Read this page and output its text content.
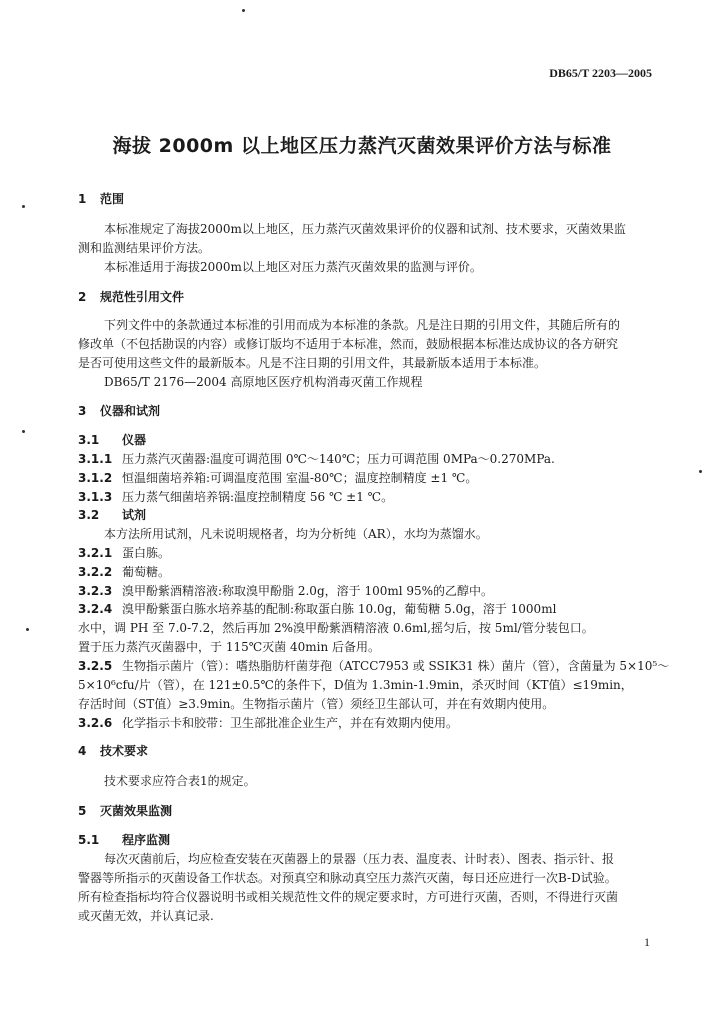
DB65/T 2203—2005
海拔 2000m 以上地区压力蒸汽灭菌效果评价方法与标准
1 范围
本标准规定了海拔2000m以上地区，压力蒸汽灭菌效果评价的仪器和试剂、技术要求，灭菌效果监
测和监测结果评价方法。
本标准适用于海拔2000m以上地区对压力蒸汽灭菌效果的监测与评价。
2 规范性引用文件
下列文件中的条款通过本标准的引用而成为本标准的条款。凡是注日期的引用文件，其随后所有的
修改单（不包括勘误的内容）或修订版均不适用于本标准，然而，鼓励根据本标准达成协议的各方研究
是否可使用这些文件的最新版本。凡是不注日期的引用文件，其最新版本适用于本标准。
DB65/T 2176—2004 高原地区医疗机构消毒灭菌工作规程
3 仪器和试剂
3.1 仪器
3.1.1 压力蒸汽灭菌器:温度可调范围 0℃～140℃；压力可调范围 0MPa～0.270MPa.
3.1.2 恒温细菌培养箱:可调温度范围 室温-80℃；温度控制精度 ±1 ℃。
3.1.3 压力蒸气细菌培养锅:温度控制精度 56 ℃ ±1 ℃。
3.2 试剂
本方法所用试剂，凡未说明规格者，均为分析纯（AR），水均为蒸馏水。
3.2.1 蛋白胨。
3.2.2 葡萄糖。
3.2.3 溴甲酚紫酒精溶液:称取溴甲酚脂 2.0g，溶于 100ml 95%的乙醇中。
3.2.4 溴甲酚紫蛋白胨水培养基的配制:称取蛋白胨 10.0g，葡萄糖 5.0g，溶于 1000ml
水中，调 PH 至 7.0-7.2，然后再加 2%溴甲酚紫酒精溶液 0.6ml,摇匀后，按 5ml/管分装包口。
置于压力蒸汽灭菌器中，于 115℃灭菌 40min 后备用。
3.2.5 生物指示菌片（管）：嗜热脂肪杆菌芽孢（ATCC7953 或 SSIK31 株）菌片（管），含菌量为 5×10⁵～
5×10⁶cfu/片（管），在 121±0.5℃的条件下，D值为 1.3min-1.9min，杀灭时间（KT值）≤19min，
存活时间（ST值）≥3.9min。生物指示菌片（管）须经卫生部认可，并在有效期内使用。
3.2.6 化学指示卡和胶带：卫生部批准企业生产，并在有效期内使用。
4 技术要求
技术要求应符合表1的规定。
5 灭菌效果监测
5.1 程序监测
每次灭菌前后，均应检查安装在灭菌器上的景器（压力表、温度表、计时表）、图表、指示针、报
警器等所指示的灭菌设备工作状态。对预真空和脉动真空压力蒸汽灭菌，每日还应进行一次B-D试验。
所有检查指标均符合仪器说明书或相关规范性文件的规定要求时，方可进行灭菌，否则，不得进行灭菌
或灭菌无效，并认真记录.
1
